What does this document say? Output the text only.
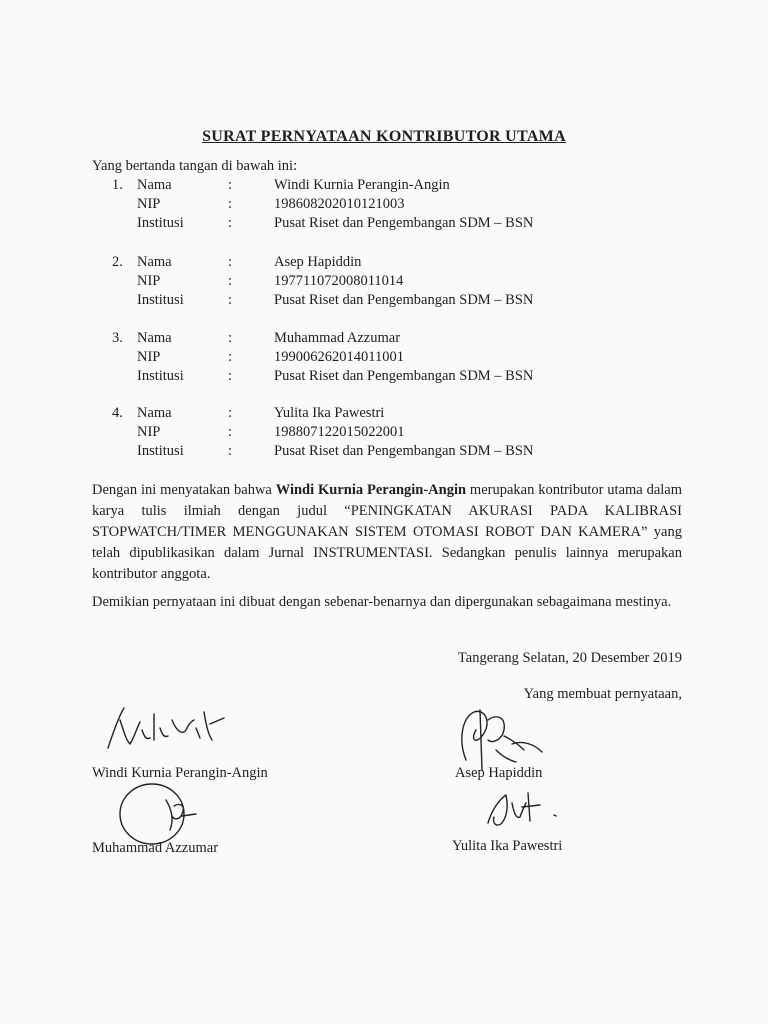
SURAT PERNYATAAN KONTRIBUTOR UTAMA
Yang bertanda tangan di bawah ini:
1. Nama	:	Windi Kurnia Perangin-Angin
NIP	:	198608202010121003
Institusi	:	Pusat Riset dan Pengembangan SDM – BSN
2. Nama	:	Asep Hapiddin
NIP	:	197711072008011014
Institusi	:	Pusat Riset dan Pengembangan SDM – BSN
3. Nama	:	Muhammad Azzumar
NIP	:	199006262014011001
Institusi	:	Pusat Riset dan Pengembangan SDM – BSN
4. Nama	:	Yulita Ika Pawestri
NIP	:	198807122015022001
Institusi	:	Pusat Riset dan Pengembangan SDM – BSN
Dengan ini menyatakan bahwa Windi Kurnia Perangin-Angin merupakan kontributor utama dalam karya tulis ilmiah dengan judul “PENINGKATAN AKURASI PADA KALIBRASI STOPWATCH/TIMER MENGGUNAKAN SISTEM OTOMASI ROBOT DAN KAMERA” yang telah dipublikasikan dalam Jurnal INSTRUMENTASI. Sedangkan penulis lainnya merupakan kontributor anggota.
Demikian pernyataan ini dibuat dengan sebenar-benarnya dan dipergunakan sebagaimana mestinya.
Tangerang Selatan, 20 Desember 2019
Yang membuat pernyataan,
Windi Kurnia Perangin-Angin	Asep Hapiddin
Muhammad Azzumar	Yulita Ika Pawestri
